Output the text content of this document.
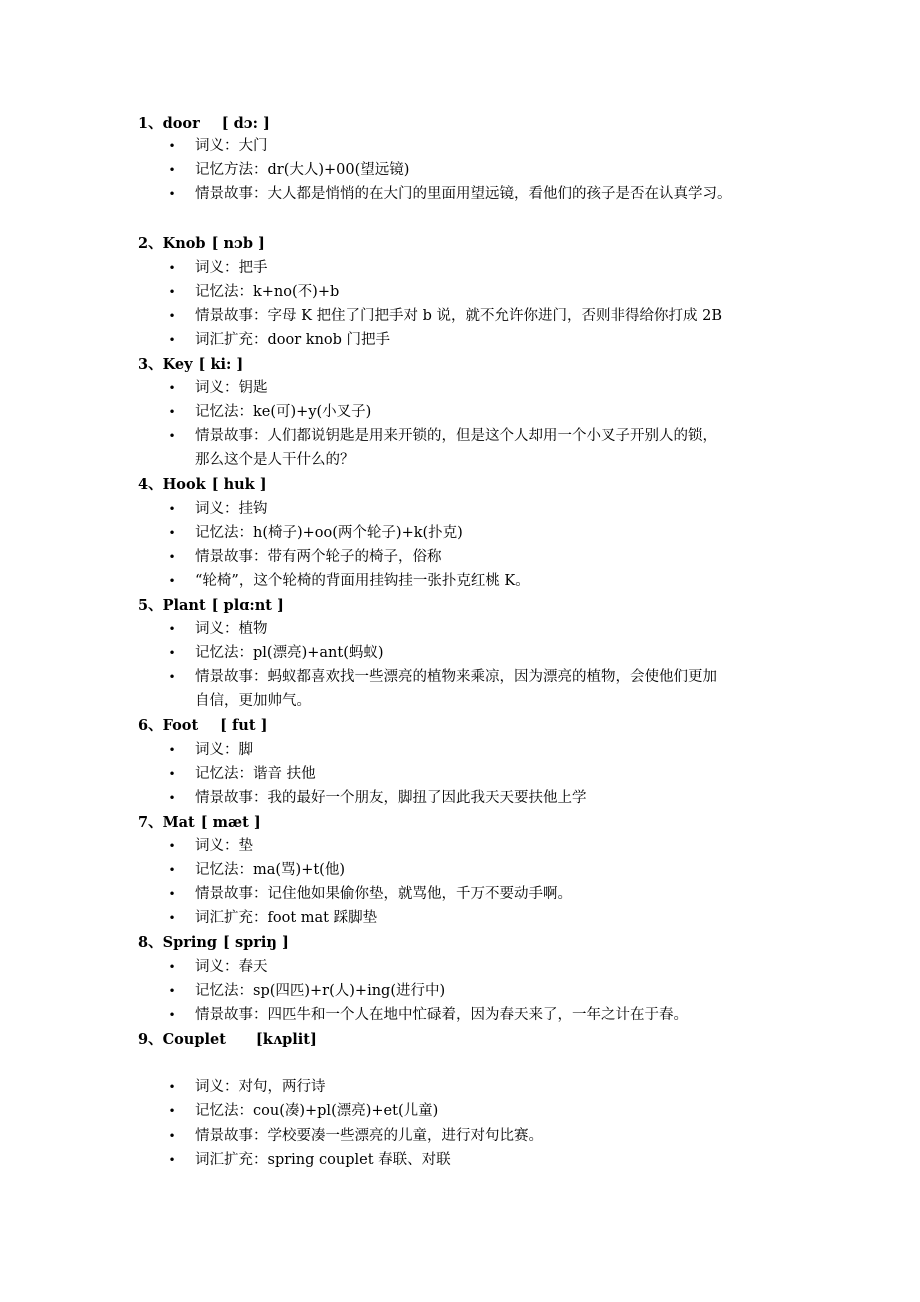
1、door [ dɔ: ]
• 词义：大门
• 记忆方法：dr(大人)+00(望远镜)
• 情景故事：大人都是悄悄的在大门的里面用望远镜，看他们的孩子是否在认真学习。
2、Knob [ nɔb ]
• 词义：把手
• 记忆法：k+no(不)+b
• 情景故事：字母 K 把住了门把手对 b 说，就不允许你进门，否则非得给你打成 2B
• 词汇扩充：door knob 门把手
3、Key [ ki: ]
• 词义：钥匙
• 记忆法：ke(可)+y(小叉子)
• 情景故事：人们都说钥匙是用来开锁的，但是这个人却用一个小叉子开别人的锁，
那么这个是人干什么的？
4、Hook [ huk ]
• 词义：挂钩
• 记忆法：h(椅子)+oo(两个轮子)+k(扑克)
• 情景故事：带有两个轮子的椅子，俗称
• “轮椅”，这个轮椅的背面用挂钩挂一张扑克红桃 K。
5、Plant [ plɑ:nt ]
• 词义：植物
• 记忆法：pl(漂亮)+ant(蚂蚁)
• 情景故事：蚂蚁都喜欢找一些漂亮的植物来乘凉，因为漂亮的植物，会使他们更加
自信，更加帅气。
6、Foot [ fut ]
• 词义：脚
• 记忆法：谐音 扶他
• 情景故事：我的最好一个朋友，脚扭了因此我天天要扶他上学
7、Mat [ mæt ]
• 词义：垫
• 记忆法：ma(骂)+t(他)
• 情景故事：记住他如果偷你垫，就骂他，千万不要动手啊。
• 词汇扩充：foot mat 踩脚垫
8、Spring [ spriŋ ]
• 词义：春天
• 记忆法：sp(四匹)+r(人)+ing(进行中)
• 情景故事：四匹牛和一个人在地中忙碌着，因为春天来了，一年之计在于春。
9、Couplet [kʌplit]
• 词义：对句，两行诗
• 记忆法：cou(凑)+pl(漂亮)+et(儿童)
• 情景故事：学校要凑一些漂亮的儿童，进行对句比赛。
• 词汇扩充：spring couplet 春联、对联
